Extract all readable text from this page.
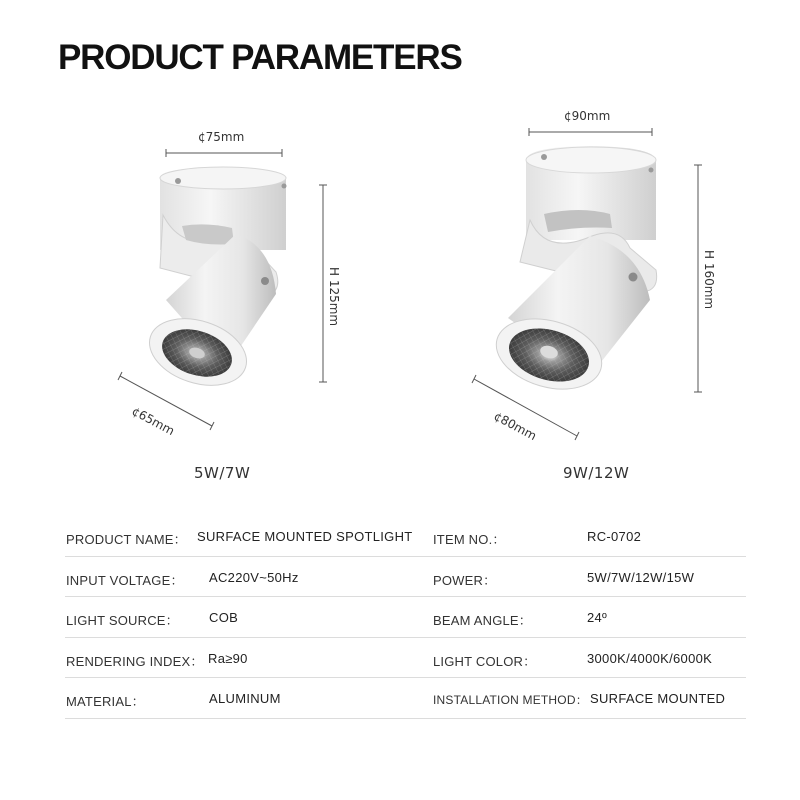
PRODUCT PARAMETERS
¢75mm
H 125mm
¢65mm
¢90mm
H 160mm
¢80mm
5W/7W	9W/12W
PRODUCT NAME： SURFACE MOUNTED SPOTLIGHT ITEM NO.：	RC-0702
INPUT VOLTAGE： AC220V~50Hz	POWER：	5W/7W/12W/15W
LIGHT SOURCE： COB	BEAM ANGLE：	24º
RENDERING INDEX： Ra≥90	LIGHT COLOR：	3000K/4000K/6000K
MATERIAL：	ALUMINUM	INSTALLATION METHOD： SURFACE MOUNTED
